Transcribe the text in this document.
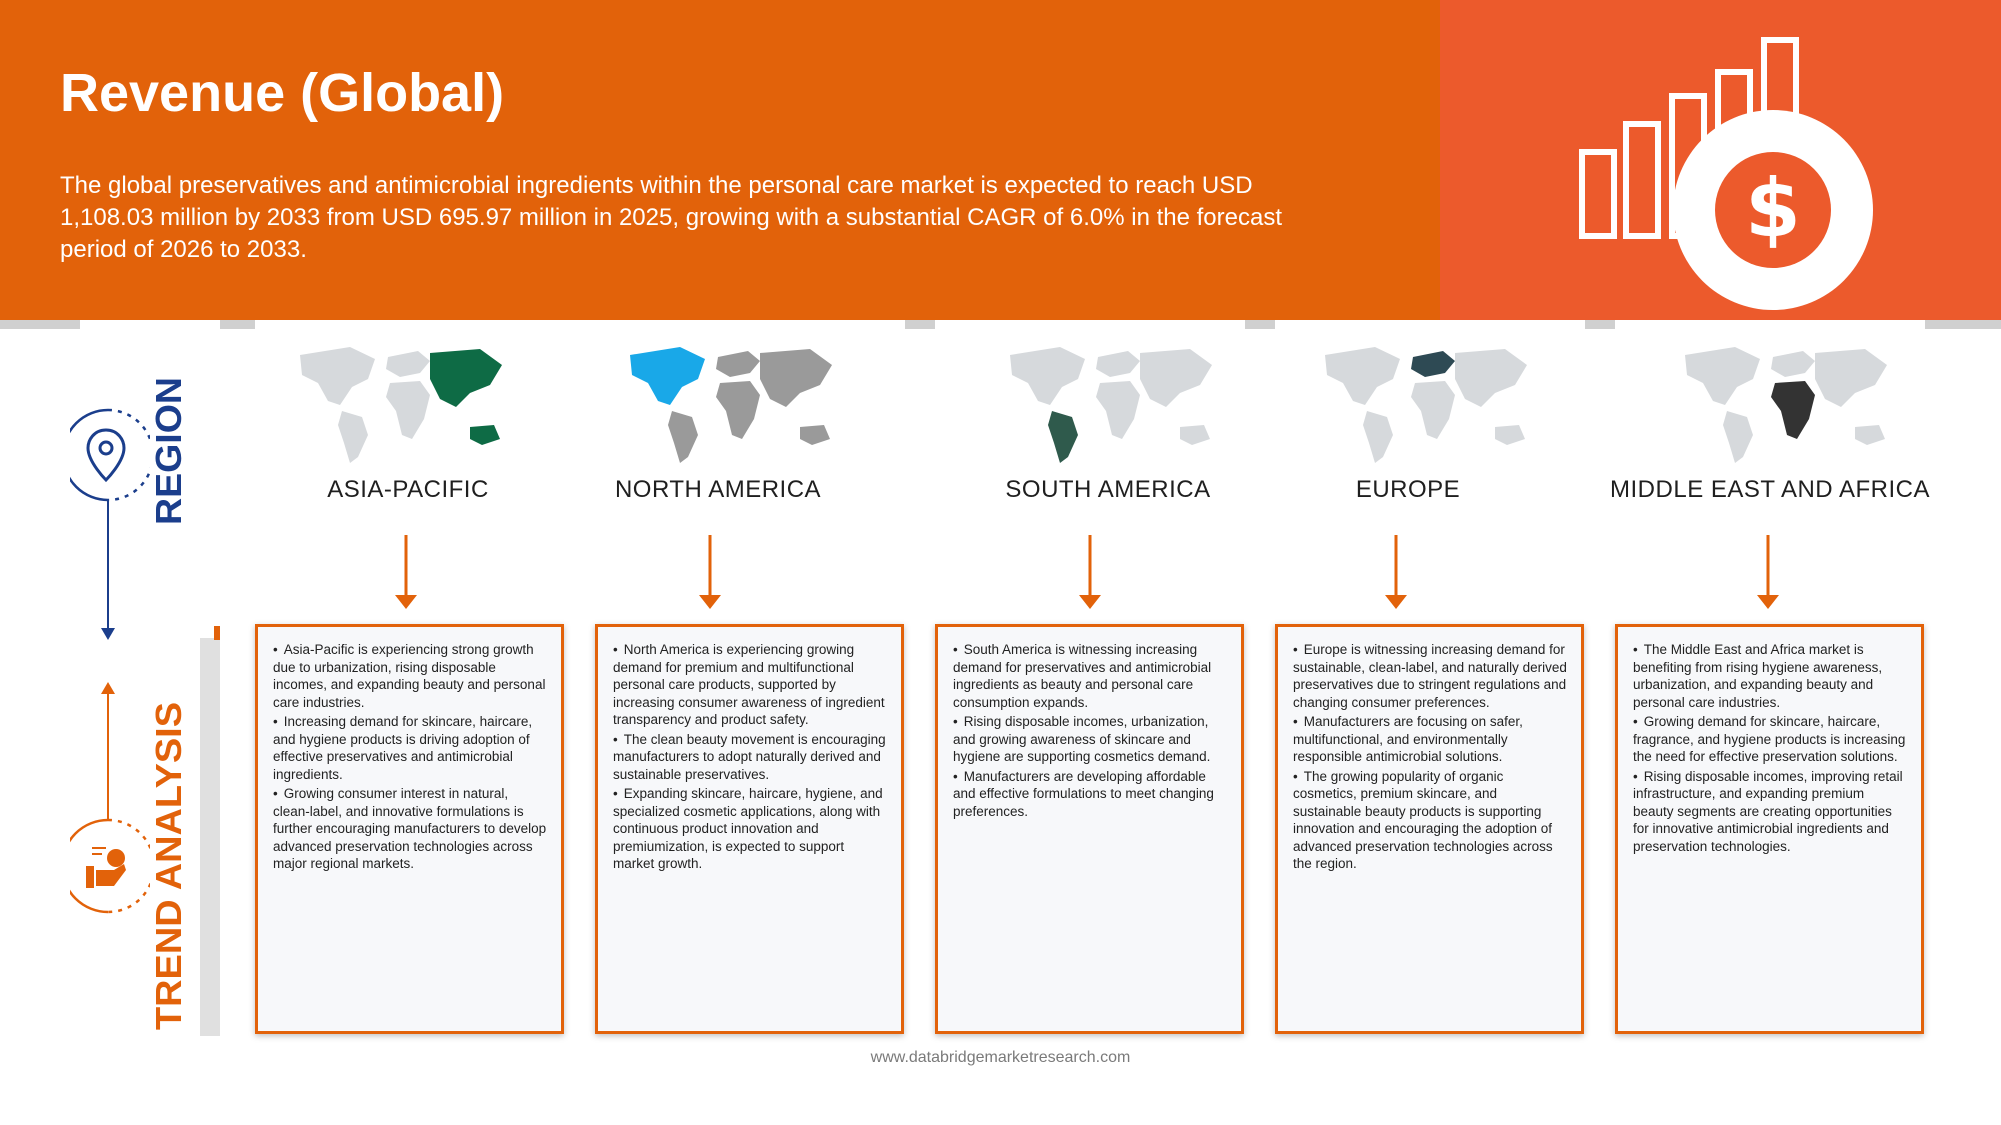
$
Revenue (Global)
The global preservatives and antimicrobial ingredients within the personal care market is expected to reach USD 1,108.03 million by 2033 from USD 695.97 million in 2025, growing with a substantial CAGR of 6.0% in the forecast period of 2026 to 2033.
REGION
TREND ANALYSIS
ASIA-PACIFIC

• Asia-Pacific is experiencing strong growth due to urbanization, rising disposable incomes, and expanding beauty and personal care industries.

• Increasing demand for skincare, haircare, and hygiene products is driving adoption of effective preservatives and antimicrobial ingredients.

• Growing consumer interest in natural, clean-label, and innovative formulations is further encouraging manufacturers to develop advanced preservation technologies across major regional markets.

NORTH AMERICA

• North America is experiencing growing demand for premium and multifunctional personal care products, supported by increasing consumer awareness of ingredient transparency and product safety.

• The clean beauty movement is encouraging manufacturers to adopt naturally derived and sustainable preservatives.

• Expanding skincare, haircare, hygiene, and specialized cosmetic applications, along with continuous product innovation and premiumization, is expected to support market growth.

SOUTH AMERICA

• South America is witnessing increasing demand for preservatives and antimicrobial ingredients as beauty and personal care consumption expands.

• Rising disposable incomes, urbanization, and growing awareness of skincare and hygiene are supporting cosmetics demand.

• Manufacturers are developing affordable and effective formulations to meet changing preferences.

EUROPE

• Europe is witnessing increasing demand for sustainable, clean-label, and naturally derived preservatives due to stringent regulations and changing consumer preferences.

• Manufacturers are focusing on safer, multifunctional, and environmentally responsible antimicrobial solutions.

• The growing popularity of organic cosmetics, premium skincare, and sustainable beauty products is supporting innovation and encouraging the adoption of advanced preservation technologies across the region.

MIDDLE EAST AND AFRICA

• The Middle East and Africa market is benefiting from rising hygiene awareness, urbanization, and expanding beauty and personal care industries.

• Growing demand for skincare, haircare, fragrance, and hygiene products is increasing the need for effective preservation solutions.

• Rising disposable incomes, improving retail infrastructure, and expanding premium beauty segments are creating opportunities for innovative antimicrobial ingredients and preservation technologies.

www.databridgemarketresearch.com
